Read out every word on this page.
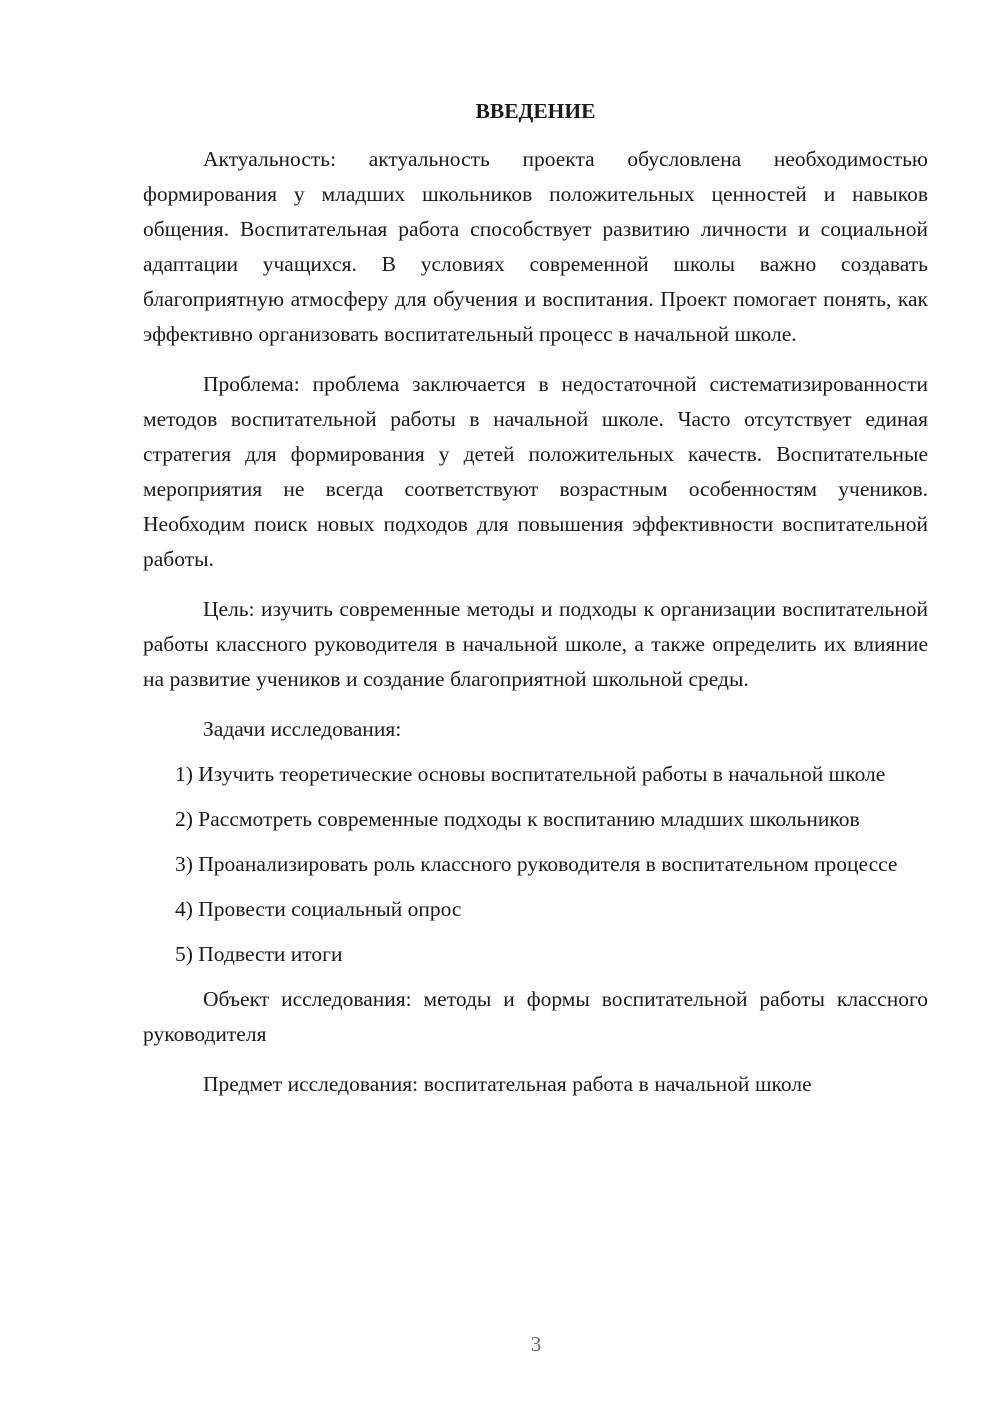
ВВЕДЕНИЕ

Актуальность: актуальность проекта обусловлена необходимостью формирования у младших школьников положительных ценностей и навыков общения. Воспитательная работа способствует развитию личности и социальной адаптации учащихся. В условиях современной школы важно создавать благоприятную атмосферу для обучения и воспитания. Проект помогает понять, как эффективно организовать воспитательный процесс в начальной школе.

Проблема: проблема заключается в недостаточной систематизированности методов воспитательной работы в начальной школе. Часто отсутствует единая стратегия для формирования у детей положительных качеств. Воспитательные мероприятия не всегда соответствуют возрастным особенностям учеников. Необходим поиск новых подходов для повышения эффективности воспитательной работы.

Цель: изучить современные методы и подходы к организации воспитательной работы классного руководителя в начальной школе, а также определить их влияние на развитие учеников и создание благоприятной школьной среды.

Задачи исследования:

1) Изучить теоретические основы воспитательной работы в начальной школе

2) Рассмотреть современные подходы к воспитанию младших школьников

3) Проанализировать роль классного руководителя в воспитательном процессе

4) Провести социальный опрос

5) Подвести итоги

Объект исследования: методы и формы воспитательной работы классного руководителя

Предмет исследования: воспитательная работа в начальной школе

3
